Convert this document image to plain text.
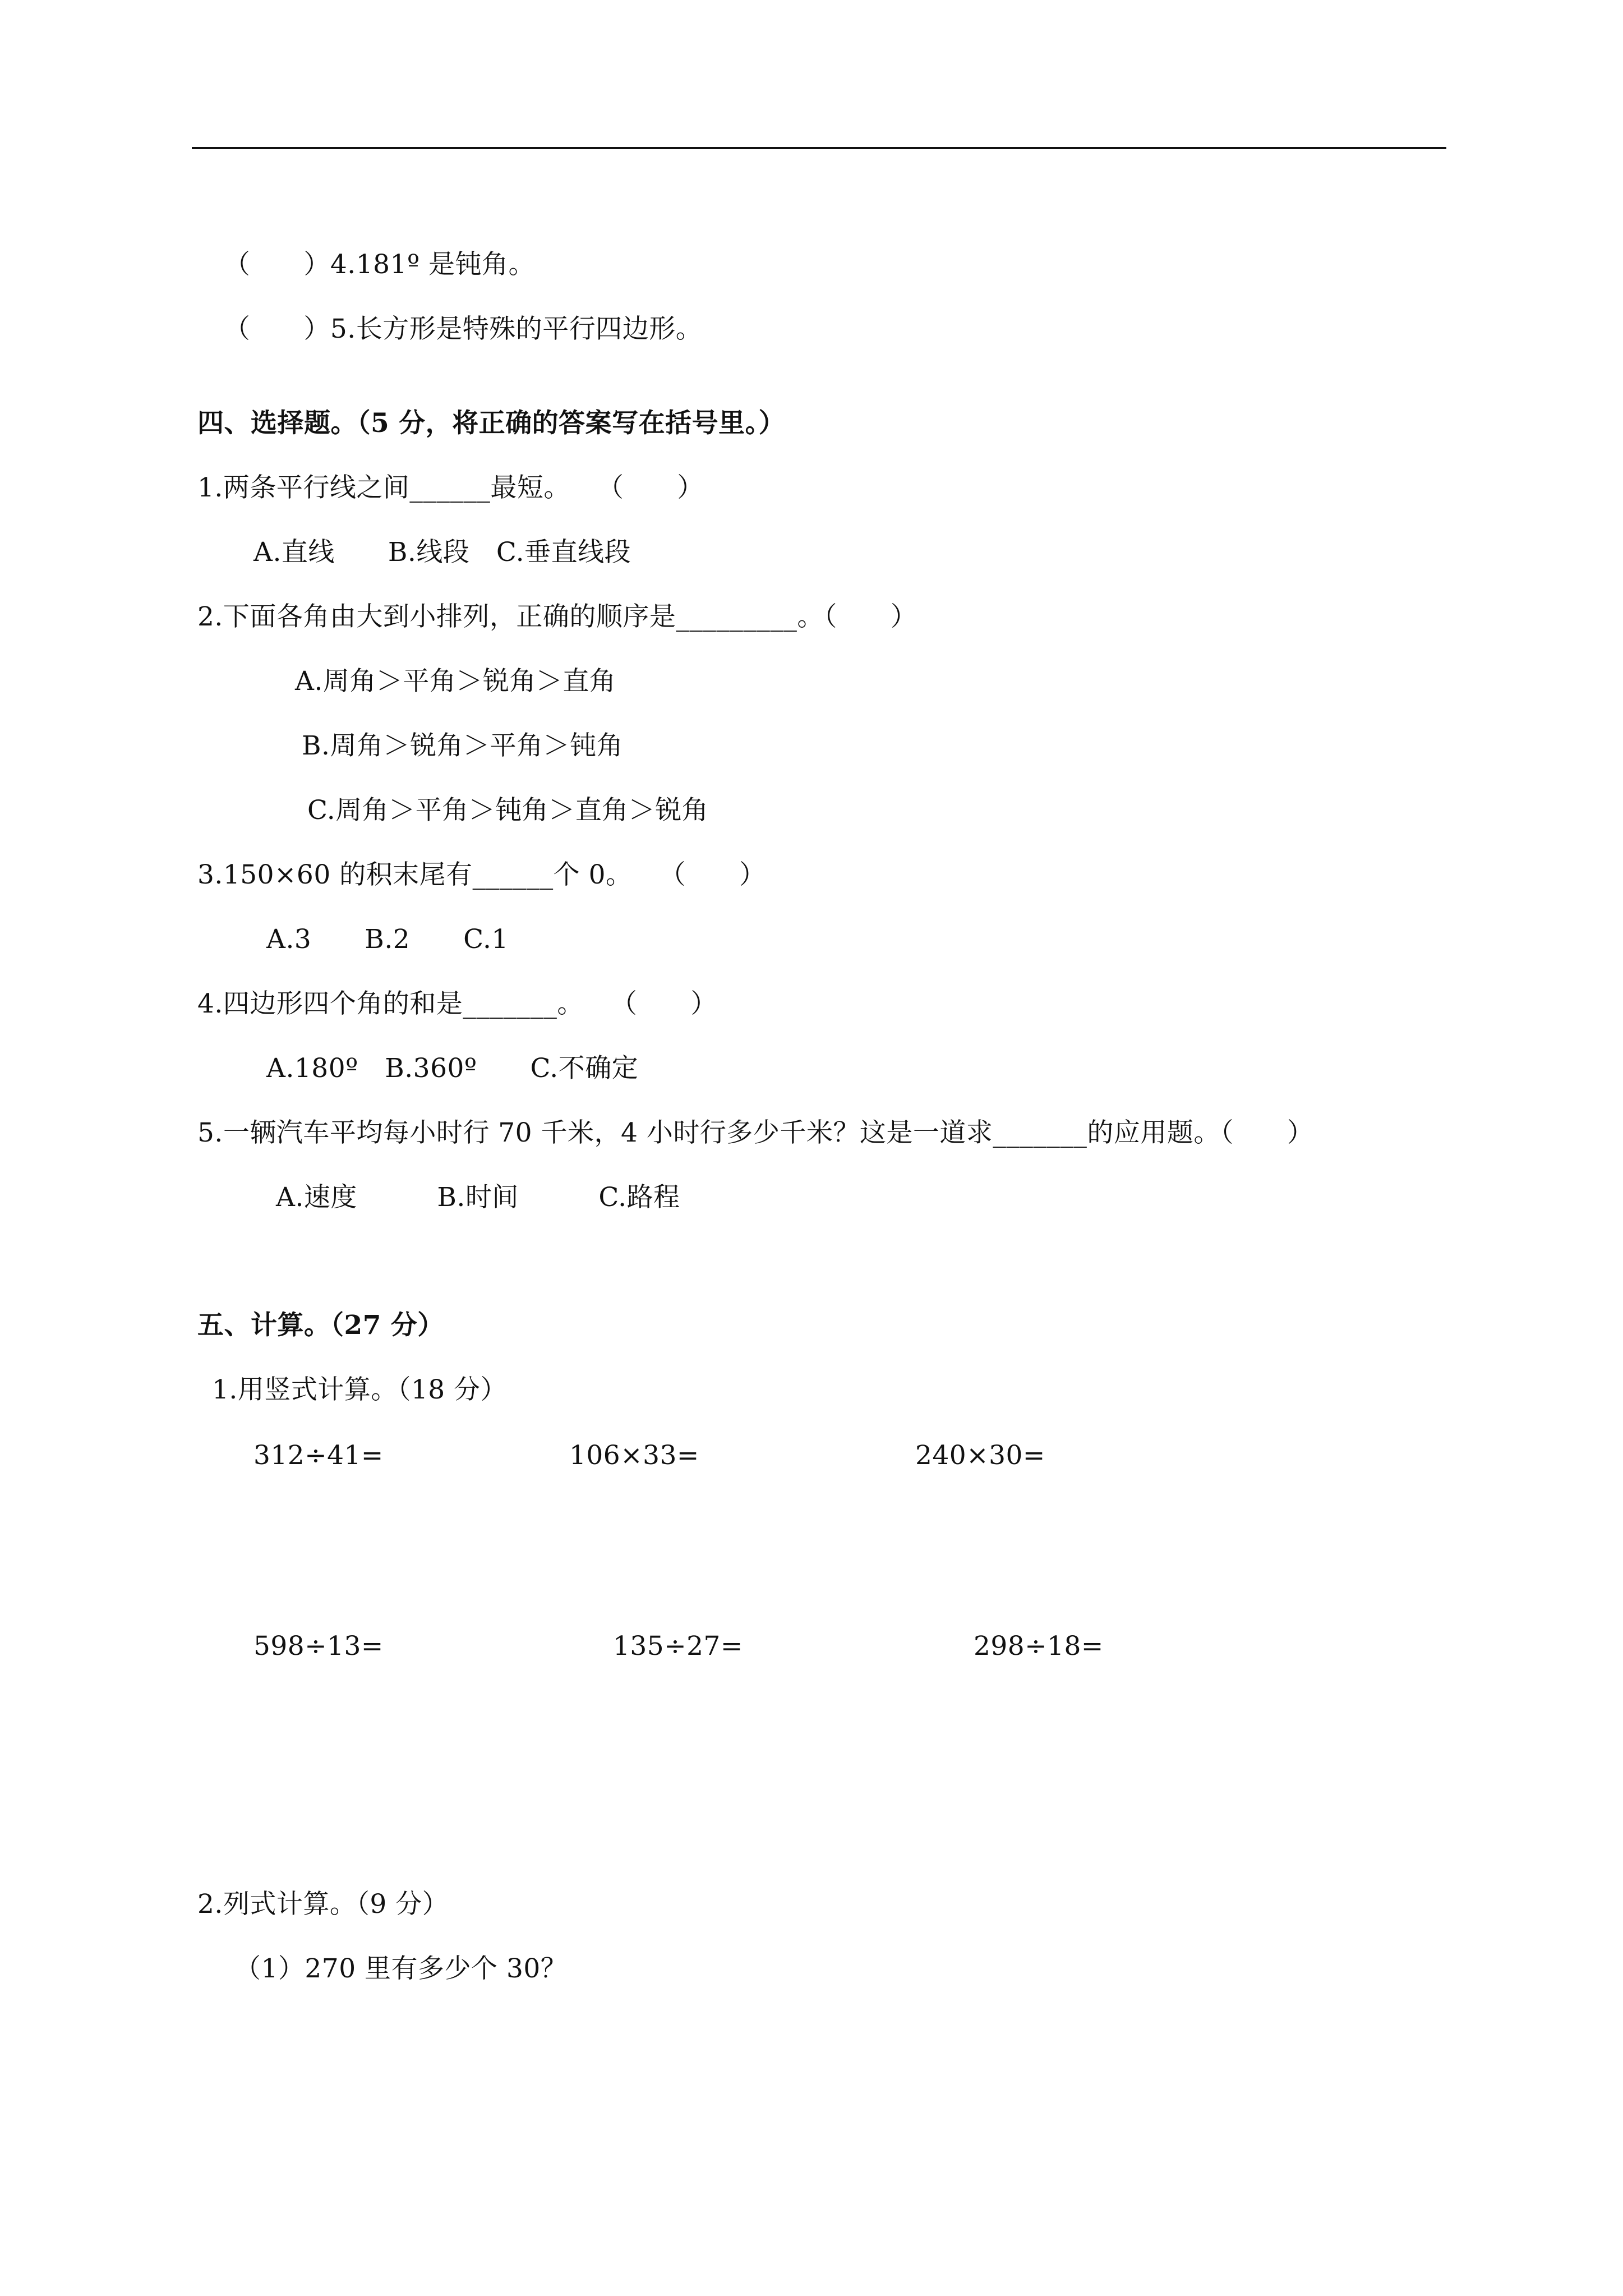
（　　）4.181º 是钝角。

（　　）5.长方形是特殊的平行四边形。

四、选择题。（5 分，将正确的答案写在括号里。）
1.两条平行线之间______最短。　　（　　）
A.直线　　B.线段　C.垂直线段
2.下面各角由大到小排列，正确的顺序是_________。（　　）
A.周角＞平角＞锐角＞直角
B.周角＞锐角＞平角＞钝角
C.周角＞平角＞钝角＞直角＞锐角
3.150×60 的积末尾有______个 0。　　（　　）
A.3　　B.2　　C.1
4.四边形四个角的和是_______。　　（　　）
A.180º　B.360º　　C.不确定
5.一辆汽车平均每小时行 70 千米，4 小时行多少千米？这是一道求_______的应用题。（　　）
A.速度　　　B.时间　　　C.路程
五、计算。（27 分）
1.用竖式计算。（18 分）
312÷41=	106×33=	240×30=
598÷13=	135÷27=	298÷18=
2.列式计算。（9 分）
（1）270 里有多少个 30？
